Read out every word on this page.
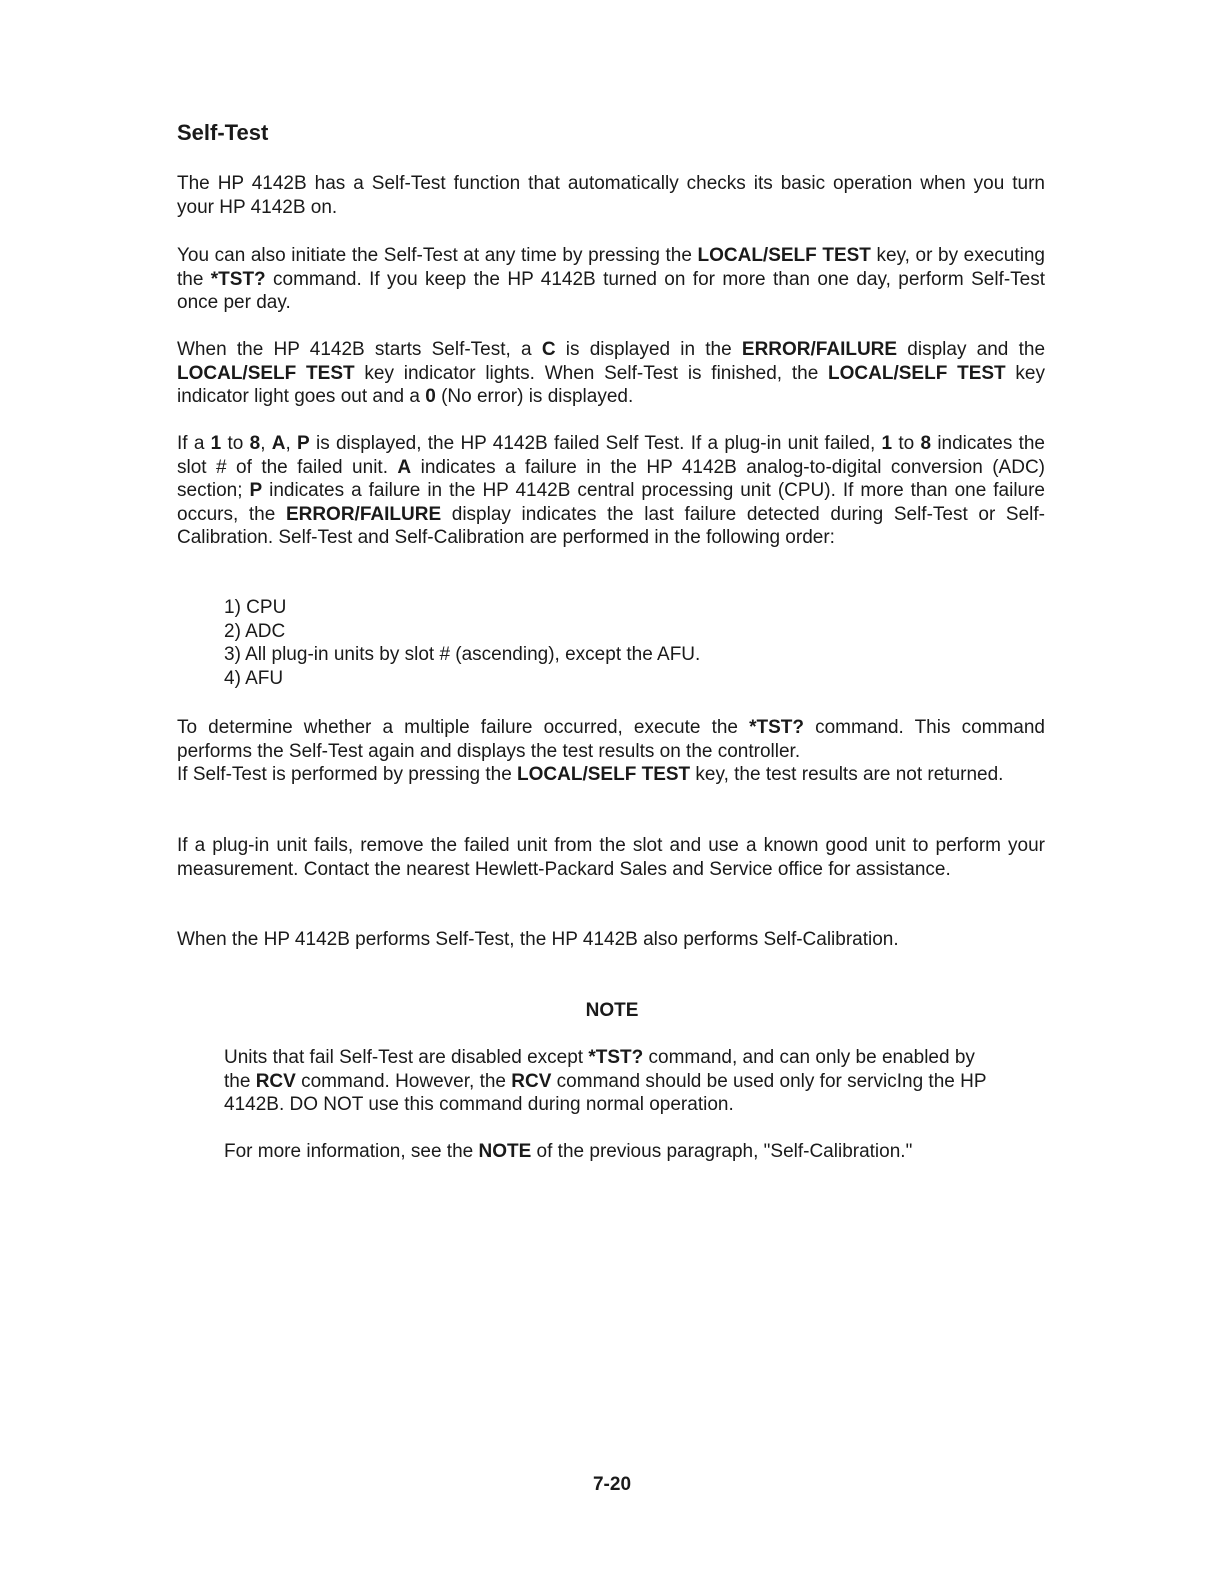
Self-Test

The HP 4142B has a Self-Test function that automatically checks its basic operation when you turn your HP 4142B on.

You can also initiate the Self-Test at any time by pressing the LOCAL/SELF TEST key, or by executing the *TST? command. If you keep the HP 4142B turned on for more than one day, perform Self-Test once per day.

When the HP 4142B starts Self-Test, a C is displayed in the ERROR/FAILURE display and the LOCAL/SELF TEST key indicator lights. When Self-Test is finished, the LOCAL/SELF TEST key indicator light goes out and a 0 (No error) is displayed.

If a 1 to 8, A, P is displayed, the HP 4142B failed Self Test. If a plug-in unit failed, 1 to 8 indicates the slot # of the failed unit. A indicates a failure in the HP 4142B analog-to-digital conversion (ADC) section; P indicates a failure in the HP 4142B central processing unit (CPU). If more than one failure occurs, the ERROR/FAILURE display indicates the last failure detected during Self-Test or Self-Calibration. Self-Test and Self-Calibration are performed in the following order:

1) CPU
2) ADC
3) All plug-in units by slot # (ascending), except the AFU.
4) AFU

To determine whether a multiple failure occurred, execute the *TST? command. This command performs the Self-Test again and displays the test results on the controller.

If Self-Test is performed by pressing the LOCAL/SELF TEST key, the test results are not returned.

If a plug-in unit fails, remove the failed unit from the slot and use a known good unit to perform your measurement. Contact the nearest Hewlett-Packard Sales and Service office for assistance.

When the HP 4142B performs Self-Test, the HP 4142B also performs Self-Calibration.

NOTE

Units that fail Self-Test are disabled except *TST? command, and can only be enabled by the RCV command. However, the RCV command should be used only for servicIng the HP 4142B. DO NOT use this command during normal operation.

For more information, see the NOTE of the previous paragraph, "Self-Calibration."

7-20
